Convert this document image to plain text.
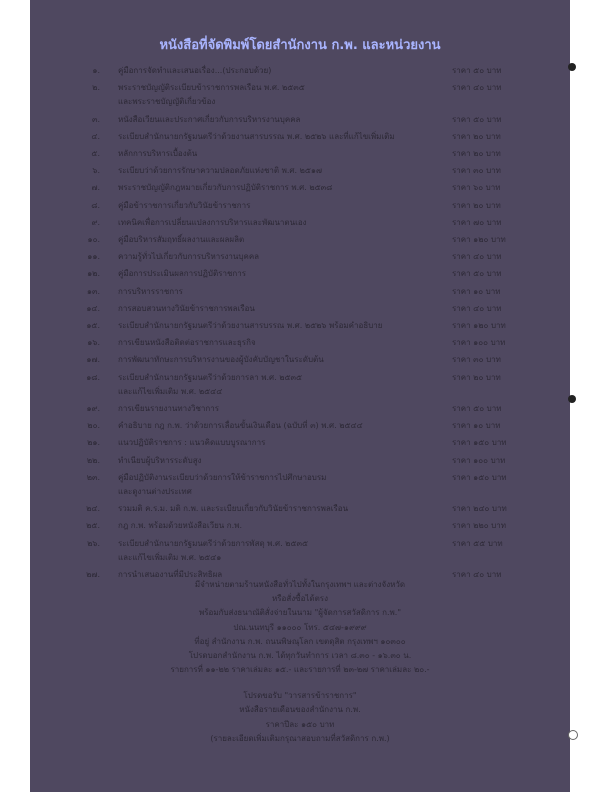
หนังสือที่จัดพิมพ์โดยสำนักงาน ก.พ. และหน่วยงาน
๑. คู่มือการจัดทำและเสนอเรื่อง...(ประกอบด้วย)	ราคา ๕๐ บาท
๒. พระราชบัญญัติระเบียบข้าราชการพลเรือน พ.ศ. ๒๕๓๕	ราคา ๔๐ บาท
และพระราชบัญญัติเกี่ยวข้อง
๓. หนังสือเวียนและประกาศเกี่ยวกับการบริหารงานบุคคล	ราคา ๕๐ บาท
๔. ระเบียบสำนักนายกรัฐมนตรีว่าด้วยงานสารบรรณ พ.ศ. ๒๕๒๖ และที่แก้ไขเพิ่มเติม	ราคา ๒๐ บาท
๕. หลักการบริหารเบื้องต้น	ราคา ๒๐ บาท
๖. ระเบียบว่าด้วยการรักษาความปลอดภัยแห่งชาติ พ.ศ. ๒๕๑๗	ราคา ๓๐ บาท
๗. พระราชบัญญัติกฎหมายเกี่ยวกับการปฏิบัติราชการ พ.ศ. ๒๕๓๘	ราคา ๖๐ บาท
๘. คู่มือข้าราชการเกี่ยวกับวินัยข้าราชการ	ราคา ๒๐ บาท
๙. เทคนิคเพื่อการเปลี่ยนแปลงการบริหารและพัฒนาตนเอง	ราคา ๗๐ บาท
๑๐. คู่มือบริหารสัมฤทธิ์ผลงานและผลผลิต	ราคา ๑๒๐ บาท
๑๑. ความรู้ทั่วไปเกี่ยวกับการบริหารงานบุคคล	ราคา ๔๐ บาท
๑๒. คู่มือการประเมินผลการปฏิบัติราชการ	ราคา ๕๐ บาท
๑๓. การบริหารราชการ	ราคา ๑๐ บาท
๑๔. การสอบสวนทางวินัยข้าราชการพลเรือน	ราคา ๔๐ บาท
๑๕. ระเบียบสำนักนายกรัฐมนตรีว่าด้วยงานสารบรรณ พ.ศ. ๒๕๒๖ พร้อมคำอธิบาย	ราคา ๑๒๐ บาท
๑๖. การเขียนหนังสือติดต่อราชการและธุรกิจ	ราคา ๑๐๐ บาท
๑๗. การพัฒนาทักษะการบริหารงานของผู้บังคับบัญชาในระดับต้น	ราคา ๓๐ บาท
๑๘. ระเบียบสำนักนายกรัฐมนตรีว่าด้วยการลา พ.ศ. ๒๕๓๕	ราคา ๒๐ บาท
และแก้ไขเพิ่มเติม พ.ศ. ๒๕๔๔
๑๙. การเขียนรายงานทางวิชาการ	ราคา ๕๐ บาท
๒๐. คำอธิบาย กฎ ก.พ. ว่าด้วยการเลื่อนขั้นเงินเดือน (ฉบับที่ ๓) พ.ศ. ๒๕๔๔	ราคา ๑๐ บาท
๒๑. แนวปฏิบัติราชการ : แนวคิดแบบบูรณาการ	ราคา ๑๕๐ บาท
๒๒. ทำเนียบผู้บริหารระดับสูง	ราคา ๑๐๐ บาท
๒๓. คู่มือปฏิบัติงานระเบียบว่าด้วยการให้ข้าราชการไปศึกษาอบรม	ราคา ๑๕๐ บาท
และดูงานต่างประเทศ
๒๔. รวมมติ ค.ร.ม. มติ ก.พ. และระเบียบเกี่ยวกับวินัยข้าราชการพลเรือน	ราคา ๒๔๐ บาท
๒๕. กฎ ก.พ. พร้อมด้วยหนังสือเวียน ก.พ.	ราคา ๒๒๐ บาท
๒๖. ระเบียบสำนักนายกรัฐมนตรีว่าด้วยการพัสดุ พ.ศ. ๒๕๓๕	ราคา ๕๕ บาท
และแก้ไขเพิ่มเติม พ.ศ. ๒๕๔๑
๒๗. การนำเสนองานที่มีประสิทธิผล	ราคา ๔๐ บาท
มีจำหน่ายตามร้านหนังสือทั่วไปทั้งในกรุงเทพฯ และต่างจังหวัด
หรือสั่งซื้อได้ตรง
พร้อมกับส่งธนาณัติสั่งจ่ายในนาม "ผู้จัดการสวัสดิการ ก.พ."
ปณ.นนทบุรี ๑๑๐๐๐ โทร. ๕๔๗-๑๙๙๙
ที่อยู่ สำนักงาน ก.พ. ถนนพิษณุโลก เขตดุสิต กรุงเทพฯ ๑๐๓๐๐
โปรดบอกสำนักงาน ก.พ. ได้ทุกวันทำการ เวลา ๘.๓๐ - ๑๖.๓๐ น.
รายการที่ ๑๑-๒๒ ราคาเล่มละ ๑๕.- และรายการที่ ๒๓-๒๗ ราคาเล่มละ ๒๐.-
โปรดขอรับ "วารสารข้าราชการ"
หนังสือรายเดือนของสำนักงาน ก.พ.
ราคาปีละ ๑๕๐ บาท
(รายละเอียดเพิ่มเติมกรุณาสอบถามที่สวัสดิการ ก.พ.)
